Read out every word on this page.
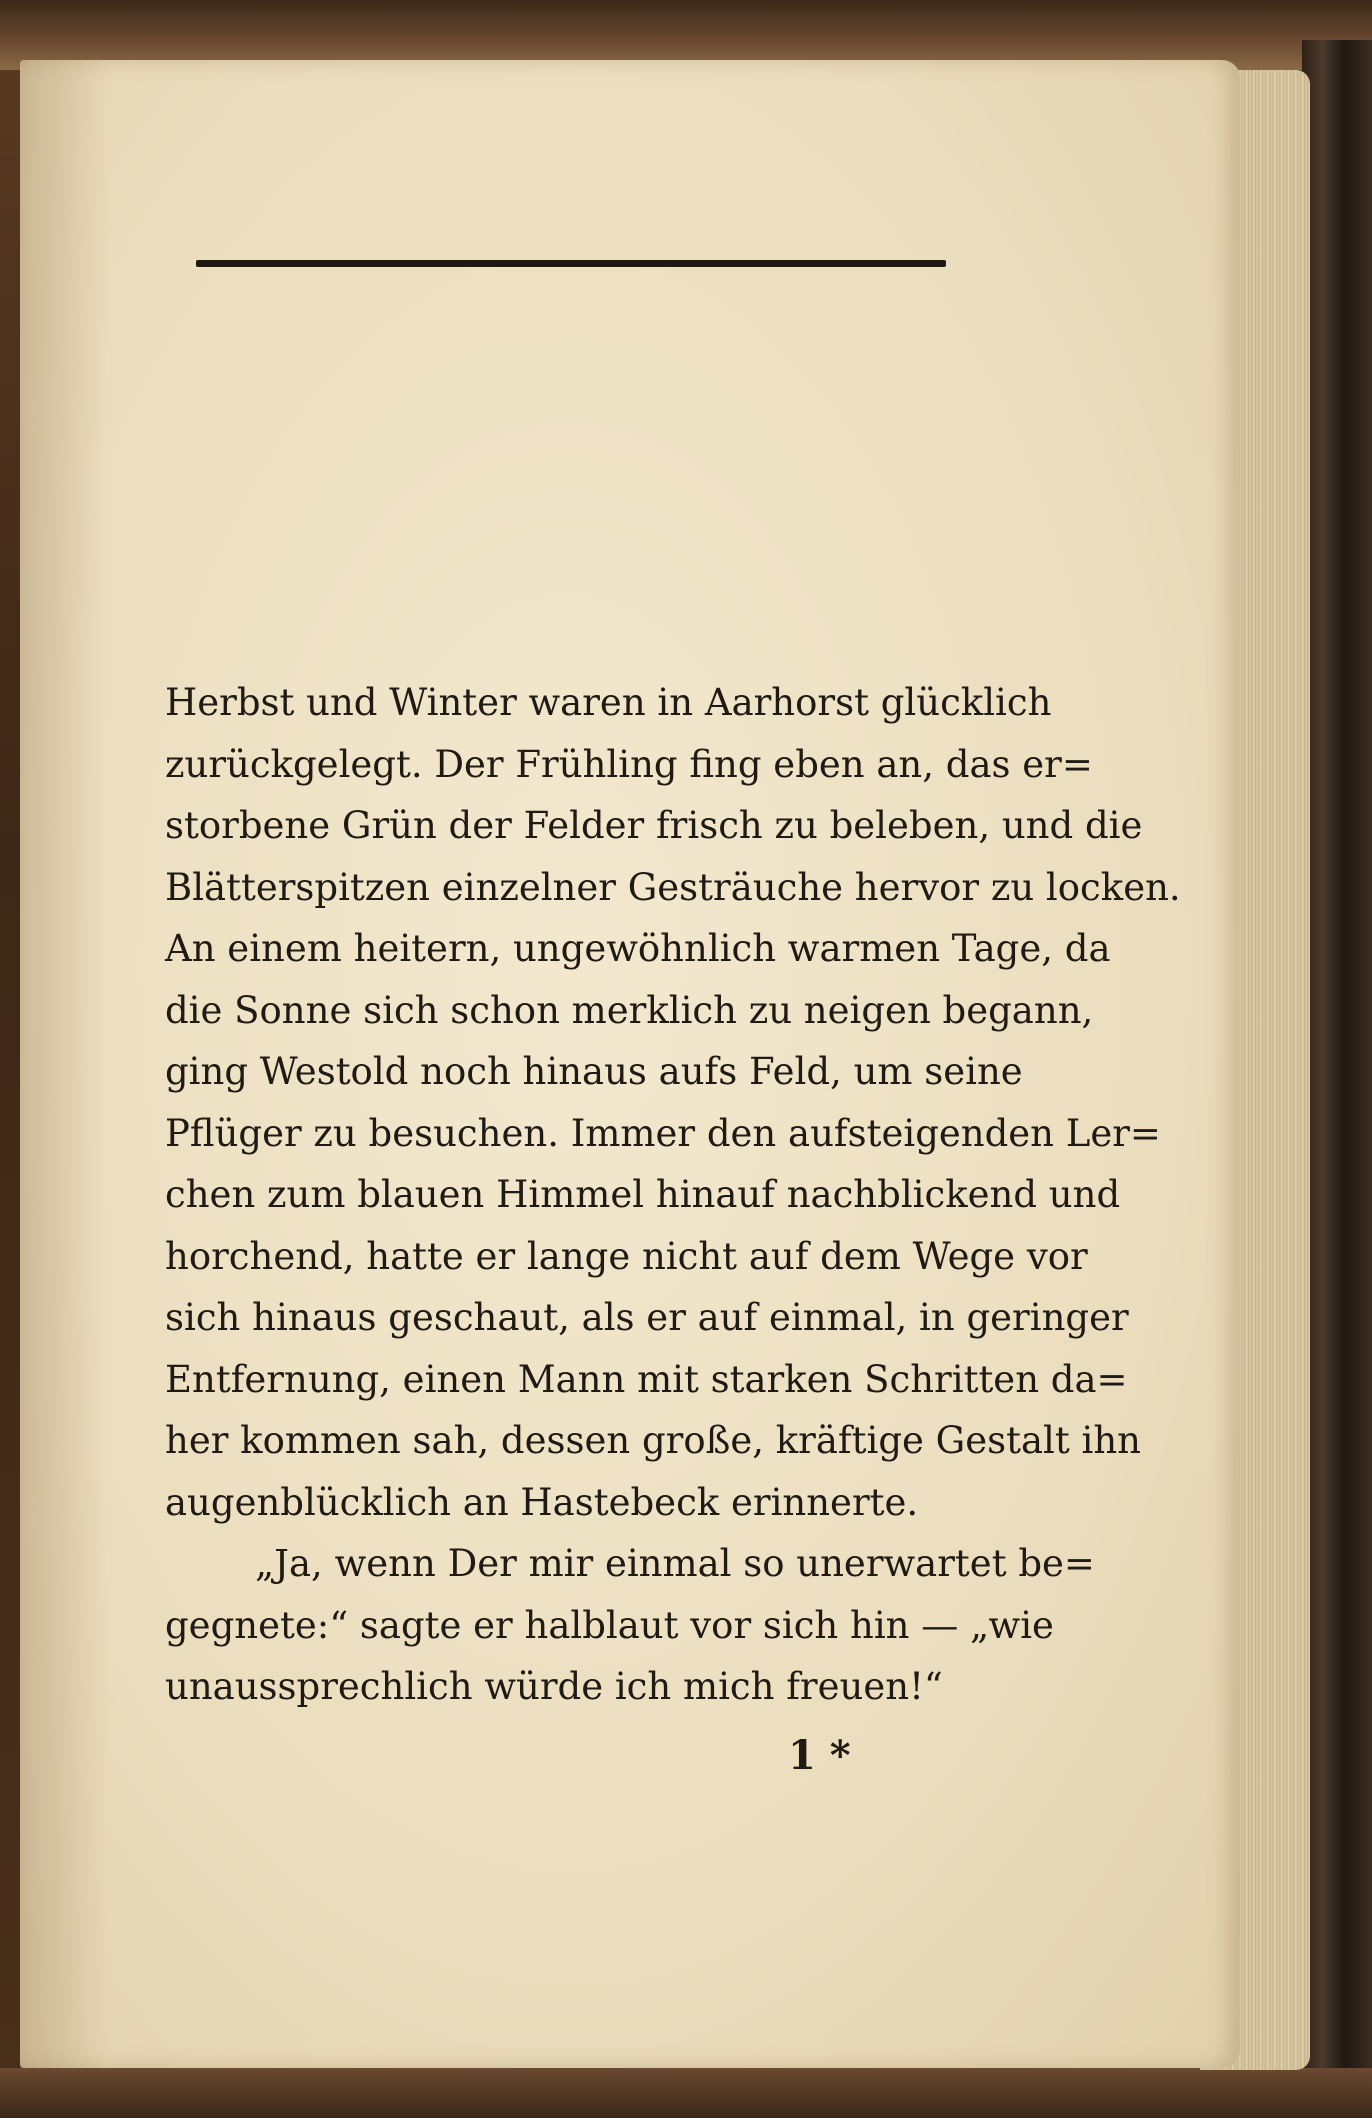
Herbst und Winter waren in Aarhorst glücklich
zurückgelegt. Der Frühling fing eben an, das er=
storbene Grün der Felder frisch zu beleben, und die
Blätterspitzen einzelner Gesträuche hervor zu locken.
An einem heitern, ungewöhnlich warmen Tage, da
die Sonne sich schon merklich zu neigen begann,
ging Westold noch hinaus aufs Feld, um seine
Pflüger zu besuchen. Immer den aufsteigenden Ler=
chen zum blauen Himmel hinauf nachblickend und
horchend, hatte er lange nicht auf dem Wege vor
sich hinaus geschaut, als er auf einmal, in geringer
Entfernung, einen Mann mit starken Schritten da=
her kommen sah, dessen große, kräftige Gestalt ihn
augenblücklich an Hastebeck erinnerte.
„Ja, wenn Der mir einmal so unerwartet be=
gegnete:“ sagte er halblaut vor sich hin — „wie
unaussprechlich würde ich mich freuen!“
1 *
